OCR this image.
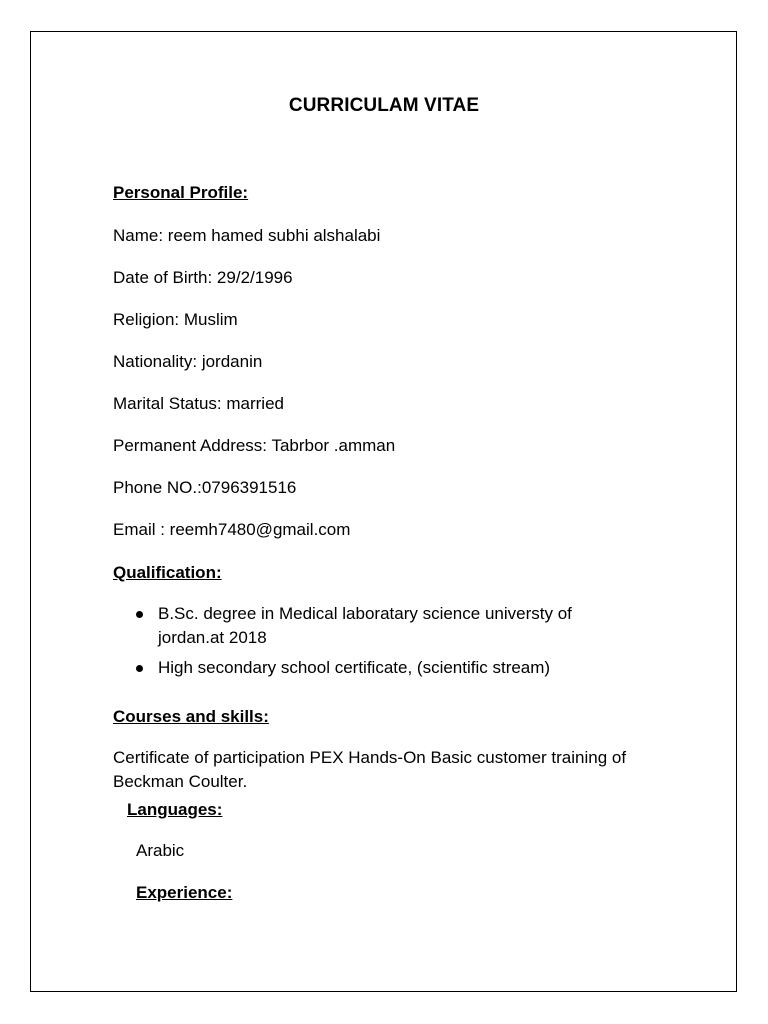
CURRICULAM VITAE
Personal Profile:
Name: reem hamed subhi alshalabi
Date of Birth: 29/2/1996
Religion: Muslim
Nationality: jordanin
Marital Status: married
Permanent Address: Tabrbor .amman
Phone NO.:0796391516
Email : reemh7480@gmail.com
Qualification:
B.Sc. degree in Medical laboratary science universty of jordan.at 2018
High secondary school certificate, (scientific stream)
Courses and skills:
Certificate of participation PEX Hands-On Basic customer training of Beckman Coulter.
Languages:
Arabic
Experience:
